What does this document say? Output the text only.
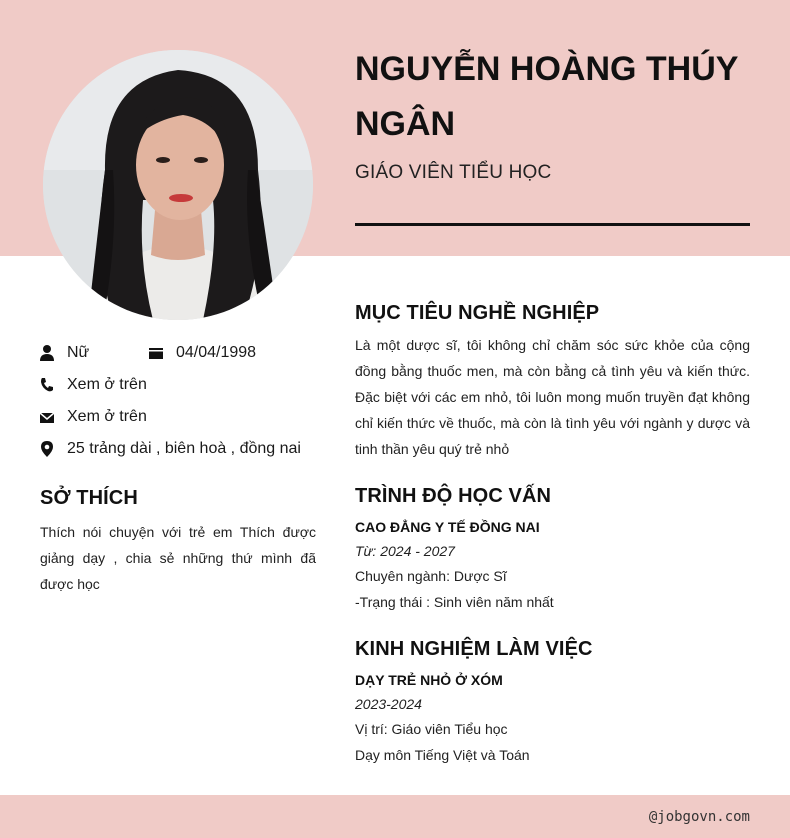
NGUYỄN HOÀNG THÚY NGÂN
GIÁO VIÊN TIỂU HỌC
Nữ	04/04/1998
Xem ở trên
Xem ở trên
25 trảng dài , biên hoà , đồng nai
SỞ THÍCH
Thích nói chuyện với trẻ em Thích được giảng dạy , chia sẻ những thứ mình đã được học
MỤC TIÊU NGHỀ NGHIỆP
Là một dược sĩ, tôi không chỉ chăm sóc sức khỏe của cộng đồng bằng thuốc men, mà còn bằng cả tình yêu và kiến thức. Đặc biệt với các em nhỏ, tôi luôn mong muốn truyền đạt không chỉ kiến thức về thuốc, mà còn là tình yêu với ngành y dược và tinh thần yêu quý trẻ nhỏ
TRÌNH ĐỘ HỌC VẤN
CAO ĐẲNG Y TẾ ĐỒNG NAI
Từ: 2024 - 2027
Chuyên ngành: Dược Sĩ
-Trạng thái : Sinh viên năm nhất
KINH NGHIỆM LÀM VIỆC
DẠY TRẺ NHỎ Ở XÓM
2023-2024
Vị trí: Giáo viên Tiểu học
Dạy môn Tiếng Việt và Toán
@jobgovn.com
